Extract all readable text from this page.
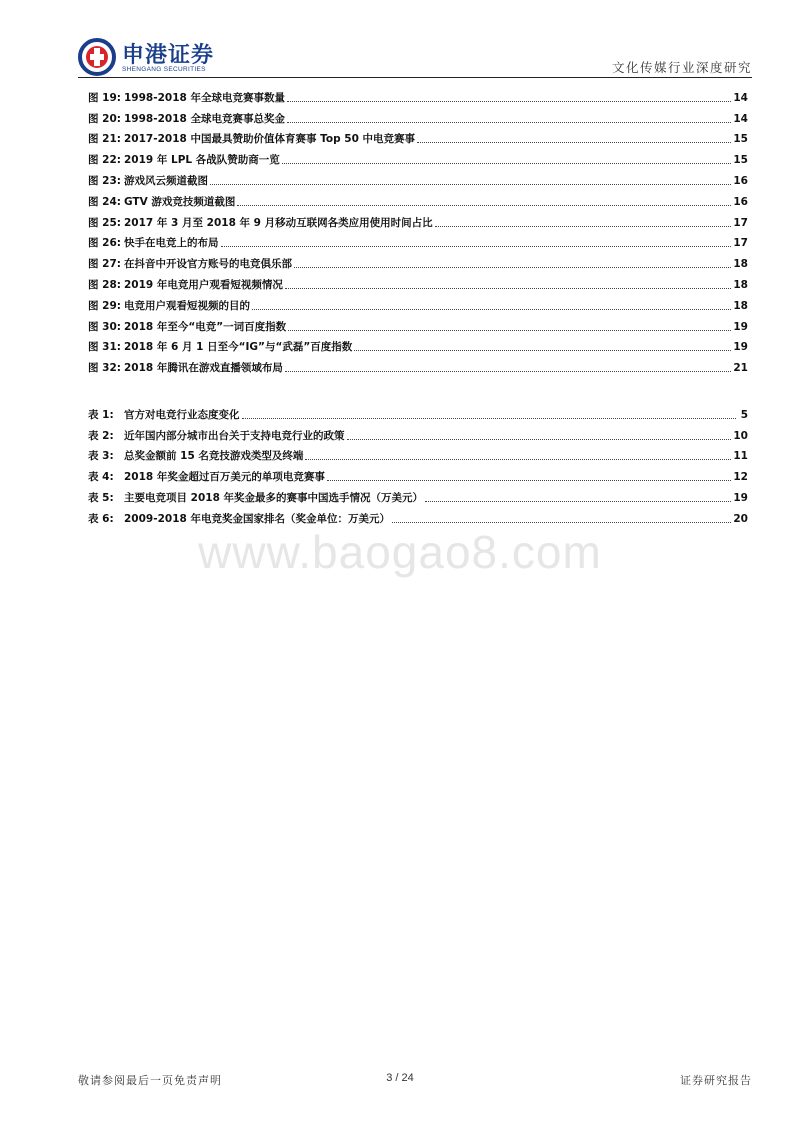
申港证券
SHENGANG SECURITIES	文化传媒行业深度研究
图 19: 1998-2018 年全球电竞赛事数量	14
图 20: 1998-2018 全球电竞赛事总奖金	14
图 21: 2017-2018 中国最具赞助价值体育赛事 Top 50 中电竞赛事	15
图 22: 2019 年 LPL 各战队赞助商一览	15
图 23: 游戏风云频道截图	16
图 24: GTV 游戏竞技频道截图	16
图 25: 2017 年 3 月至 2018 年 9 月移动互联网各类应用使用时间占比	17
图 26: 快手在电竞上的布局	17
图 27: 在抖音中开设官方账号的电竞俱乐部	18
图 28: 2019 年电竞用户观看短视频情况	18
图 29: 电竞用户观看短视频的目的	18
图 30: 2018 年至今“电竞”一词百度指数	19
图 31: 2018 年 6 月 1 日至今“IG”与“武磊”百度指数	19
图 32: 2018 年腾讯在游戏直播领域布局	21
表 1: 官方对电竞行业态度变化	5
表 2: 近年国内部分城市出台关于支持电竞行业的政策	10
表 3: 总奖金额前 15 名竞技游戏类型及终端	11
表 4: 2018 年奖金超过百万美元的单项电竞赛事	12
表 5: 主要电竞项目 2018 年奖金最多的赛事中国选手情况（万美元）	19
表 6: 2009-2018 年电竞奖金国家排名（奖金单位：万美元）	20
www.baogao8.com
敬请参阅最后一页免责声明	3 / 24	证券研究报告
